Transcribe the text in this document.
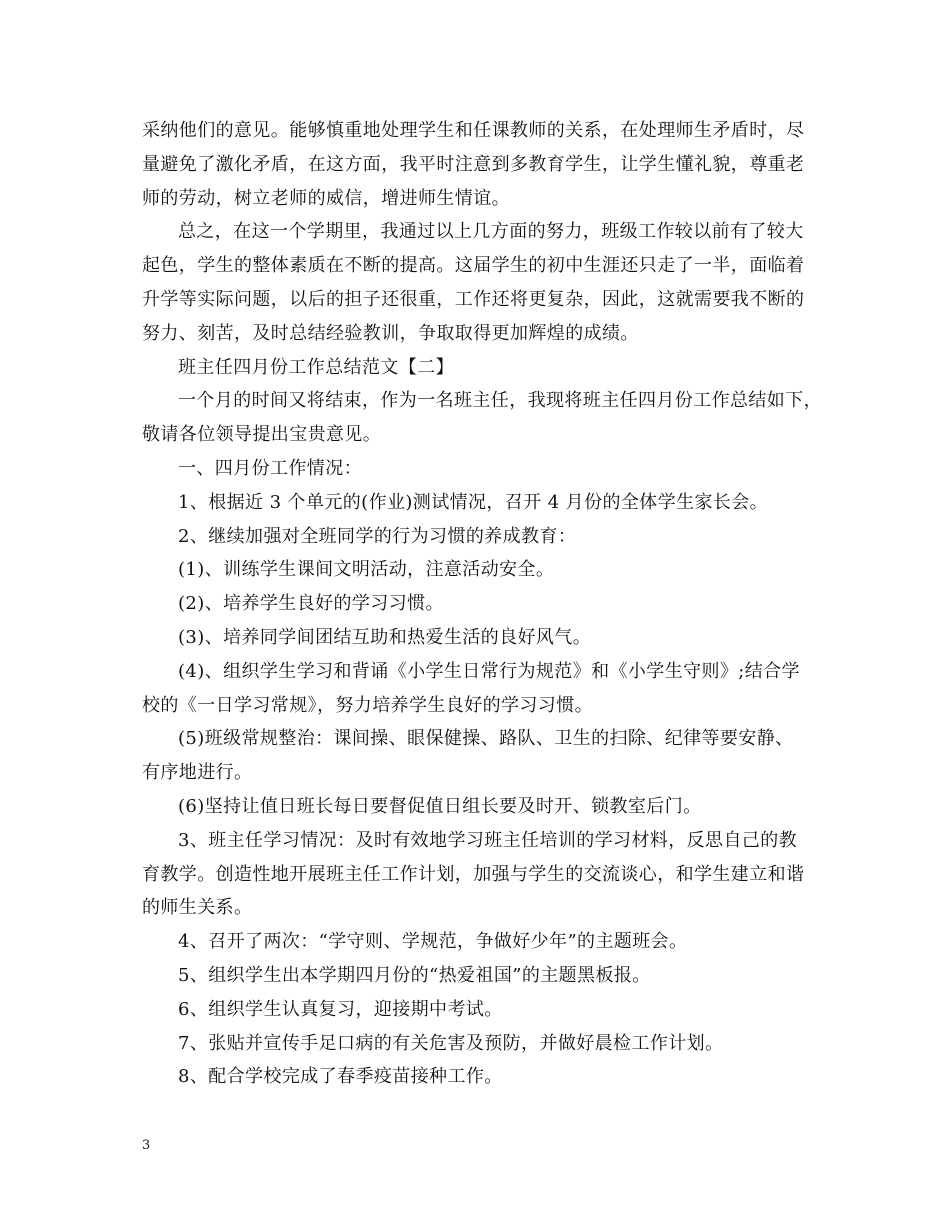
采纳他们的意见。能够慎重地处理学生和任课教师的关系，在处理师生矛盾时，尽
量避免了激化矛盾，在这方面，我平时注意到多教育学生，让学生懂礼貌，尊重老
师的劳动，树立老师的威信，增进师生情谊。
总之，在这一个学期里，我通过以上几方面的努力，班级工作较以前有了较大
起色，学生的整体素质在不断的提高。这届学生的初中生涯还只走了一半，面临着
升学等实际问题，以后的担子还很重，工作还将更复杂，因此，这就需要我不断的
努力、刻苦，及时总结经验教训，争取取得更加辉煌的成绩。
班主任四月份工作总结范文【二】
一个月的时间又将结束，作为一名班主任，我现将班主任四月份工作总结如下，
敬请各位领导提出宝贵意见。
一、四月份工作情况：
1、根据近 3 个单元的(作业)测试情况，召开 4 月份的全体学生家长会。
2、继续加强对全班同学的行为习惯的养成教育：
(1)、训练学生课间文明活动，注意活动安全。
(2)、培养学生良好的学习习惯。
(3)、培养同学间团结互助和热爱生活的良好风气。
(4)、组织学生学习和背诵《小学生日常行为规范》和《小学生守则》;结合学
校的《一日学习常规》，努力培养学生良好的学习习惯。
(5)班级常规整治：课间操、眼保健操、路队、卫生的扫除、纪律等要安静、
有序地进行。
(6)坚持让值日班长每日要督促值日组长要及时开、锁教室后门。
3、班主任学习情况：及时有效地学习班主任培训的学习材料，反思自己的教
育教学。创造性地开展班主任工作计划，加强与学生的交流谈心，和学生建立和谐
的师生关系。
4、召开了两次：“学守则、学规范，争做好少年”的主题班会。
5、组织学生出本学期四月份的“热爱祖国”的主题黑板报。
6、组织学生认真复习，迎接期中考试。
7、张贴并宣传手足口病的有关危害及预防，并做好晨检工作计划。
8、配合学校完成了春季疫苗接种工作。
3
